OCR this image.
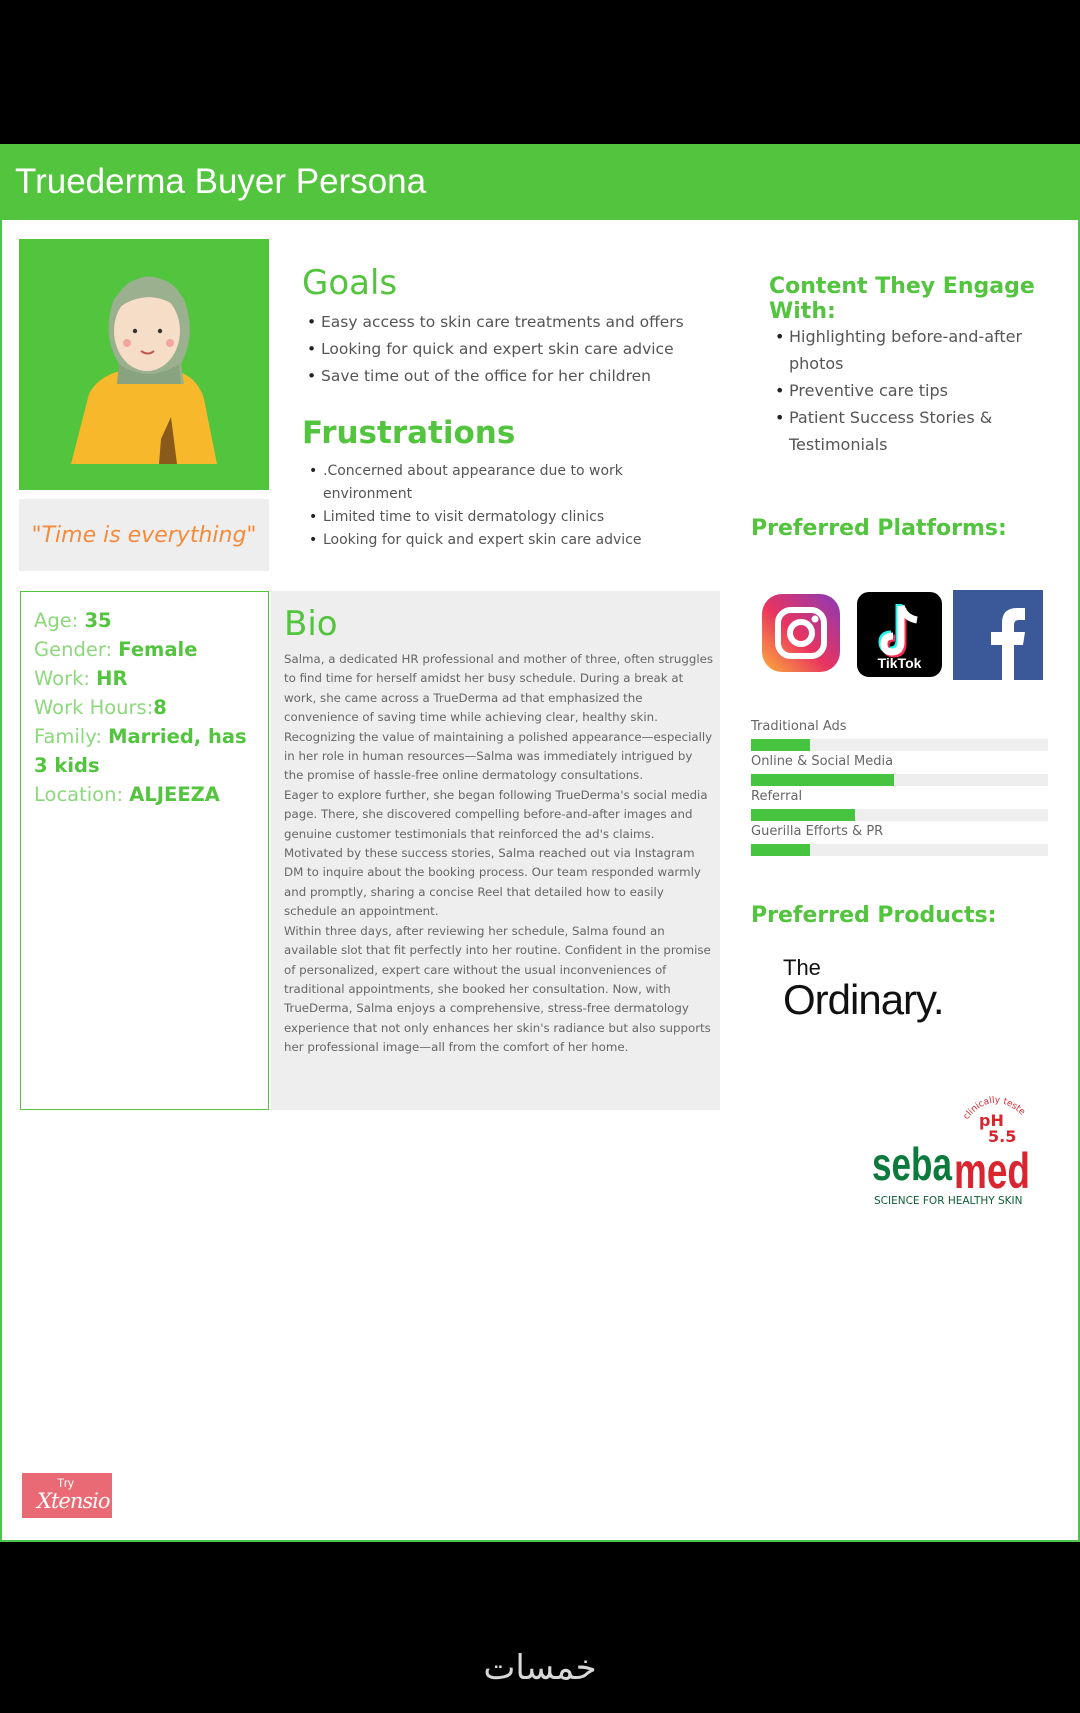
Truederma Buyer Persona
"Time is everything"
Goals
• Easy access to skin care treatments and offers
• Looking for quick and expert skin care advice
• Save time out of the office for her children
Frustrations
• .Concerned about appearance due to work environment
• Limited time to visit dermatology clinics
• Looking for quick and expert skin care advice
Content They Engage With:
• Highlighting before-and-after photos
• Preventive care tips
• Patient Success Stories & Testimonials
Preferred Platforms:
TikTok
Traditional Ads
Online & Social Media
Referral
Guerilla Efforts & PR
Preferred Products:
The
Ordinary.
clinically teste
pH
5.5
seba med
SCIENCE FOR HEALTHY SKIN
Age: 35
Gender: Female
Work: HR
Work Hours:8
Family: Married, has 3 kids
Location: ALJEEZA
Bio

Salma, a dedicated HR professional and mother of three, often struggles to find time for herself amidst her busy schedule. During a break at work, she came across a TrueDerma ad that emphasized the convenience of saving time while achieving clear, healthy skin. Recognizing the value of maintaining a polished appearance—especially in her role in human resources—Salma was immediately intrigued by the promise of hassle-free online dermatology consultations.

Eager to explore further, she began following TrueDerma's social media page. There, she discovered compelling before-and-after images and genuine customer testimonials that reinforced the ad's claims. Motivated by these success stories, Salma reached out via Instagram DM to inquire about the booking process. Our team responded warmly and promptly, sharing a concise Reel that detailed how to easily schedule an appointment.

Within three days, after reviewing her schedule, Salma found an available slot that fit perfectly into her routine. Confident in the promise of personalized, expert care without the usual inconveniences of traditional appointments, she booked her consultation. Now, with TrueDerma, Salma enjoys a comprehensive, stress-free dermatology experience that not only enhances her skin's radiance but also supports her professional image—all from the comfort of her home.

Try
Xtensio
خمسات
